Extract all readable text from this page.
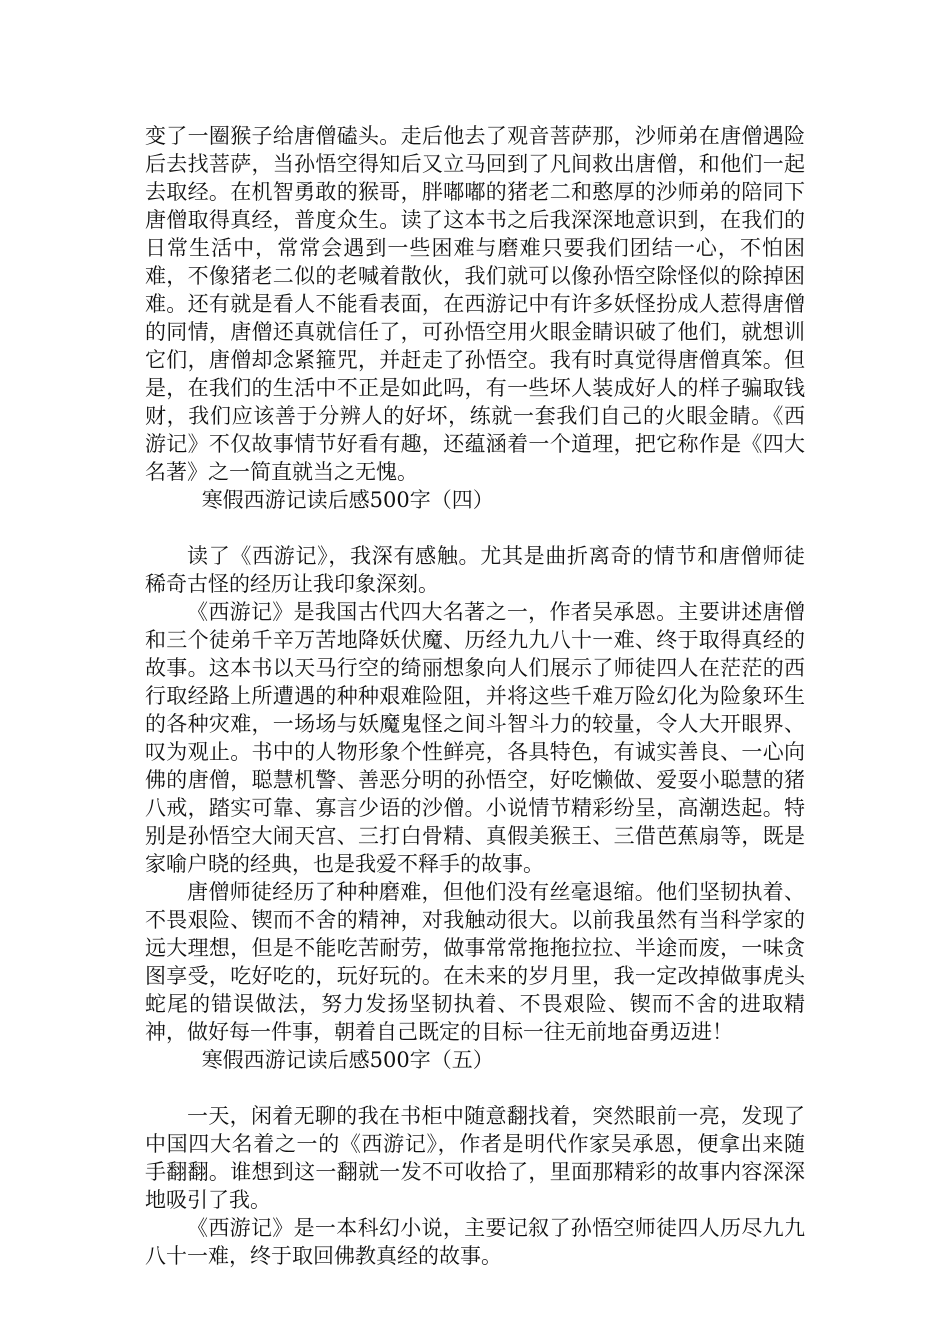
变了一圈猴子给唐僧磕头。走后他去了观音菩萨那，沙师弟在唐僧遇险后去找菩萨，当孙悟空得知后又立马回到了凡间救出唐僧，和他们一起去取经。在机智勇敢的猴哥，胖嘟嘟的猪老二和憨厚的沙师弟的陪同下唐僧取得真经，普度众生。读了这本书之后我深深地意识到，在我们的日常生活中，常常会遇到一些困难与磨难只要我们团结一心，不怕困难，不像猪老二似的老喊着散伙，我们就可以像孙悟空除怪似的除掉困难。还有就是看人不能看表面，在西游记中有许多妖怪扮成人惹得唐僧的同情，唐僧还真就信任了，可孙悟空用火眼金睛识破了他们，就想训它们，唐僧却念紧箍咒，并赶走了孙悟空。我有时真觉得唐僧真笨。但是，在我们的生活中不正是如此吗，有一些坏人装成好人的样子骗取钱财，我们应该善于分辨人的好坏，练就一套我们自己的火眼金睛。《西游记》不仅故事情节好看有趣，还蕴涵着一个道理，把它称作是《四大名著》之一简直就当之无愧。

寒假西游记读后感500字（四）

读了《西游记》，我深有感触。尤其是曲折离奇的情节和唐僧师徒稀奇古怪的经历让我印象深刻。

《西游记》是我国古代四大名著之一，作者吴承恩。主要讲述唐僧和三个徒弟千辛万苦地降妖伏魔、历经九九八十一难、终于取得真经的故事。这本书以天马行空的绮丽想象向人们展示了师徒四人在茫茫的西行取经路上所遭遇的种种艰难险阻，并将这些千难万险幻化为险象环生的各种灾难，一场场与妖魔鬼怪之间斗智斗力的较量，令人大开眼界、叹为观止。书中的人物形象个性鲜亮，各具特色，有诚实善良、一心向佛的唐僧，聪慧机警、善恶分明的孙悟空，好吃懒做、爱耍小聪慧的猪八戒，踏实可靠、寡言少语的沙僧。小说情节精彩纷呈，高潮迭起。特别是孙悟空大闹天宫、三打白骨精、真假美猴王、三借芭蕉扇等，既是家喻户晓的经典，也是我爱不释手的故事。

唐僧师徒经历了种种磨难，但他们没有丝毫退缩。他们坚韧执着、不畏艰险、锲而不舍的精神，对我触动很大。以前我虽然有当科学家的远大理想，但是不能吃苦耐劳，做事常常拖拖拉拉、半途而废，一味贪图享受，吃好吃的，玩好玩的。在未来的岁月里，我一定改掉做事虎头蛇尾的错误做法，努力发扬坚韧执着、不畏艰险、锲而不舍的进取精神，做好每一件事，朝着自己既定的目标一往无前地奋勇迈进！

寒假西游记读后感500字（五）

一天，闲着无聊的我在书柜中随意翻找着，突然眼前一亮，发现了中国四大名着之一的《西游记》，作者是明代作家吴承恩，便拿出来随手翻翻。谁想到这一翻就一发不可收拾了，里面那精彩的故事内容深深地吸引了我。

《西游记》是一本科幻小说，主要记叙了孙悟空师徒四人历尽九九八十一难，终于取回佛教真经的故事。
